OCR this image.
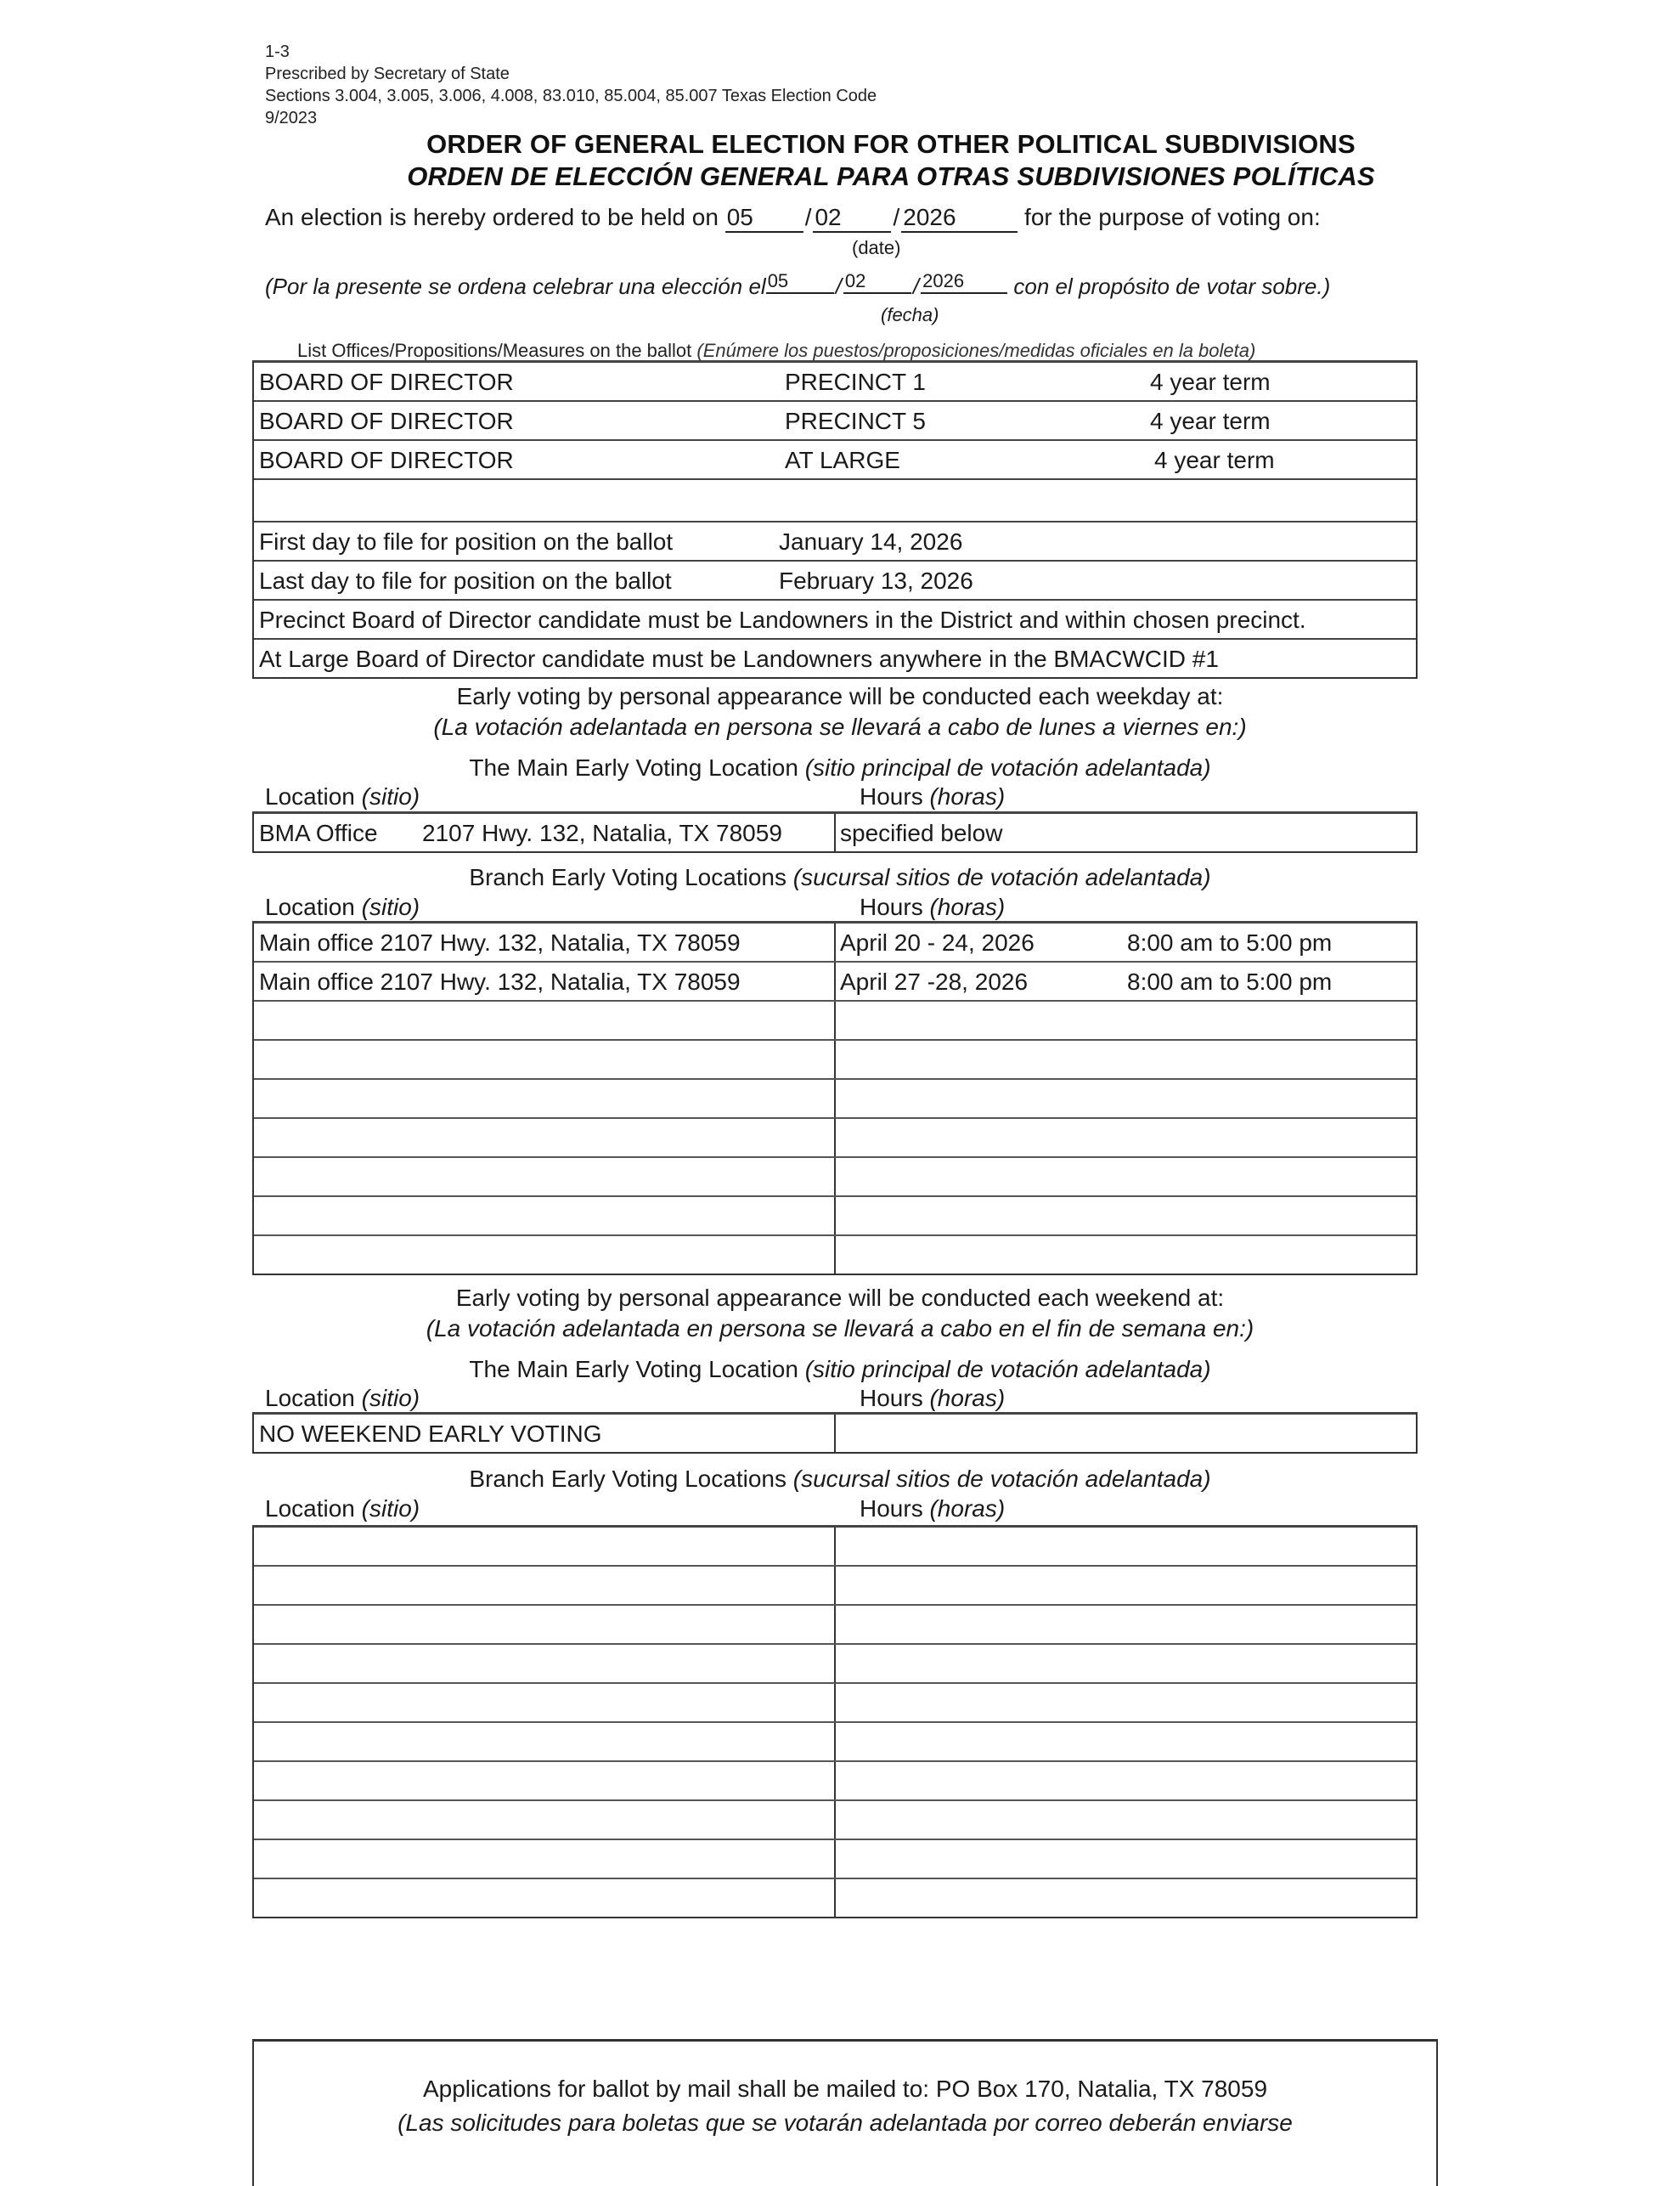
1-3
Prescribed by Secretary of State
Sections 3.004, 3.005, 3.006, 4.008, 83.010, 85.004, 85.007 Texas Election Code
9/2023
ORDER OF GENERAL ELECTION FOR OTHER POLITICAL SUBDIVISIONS
ORDEN DE ELECCIÓN GENERAL PARA OTRAS SUBDIVISIONES POLÍTICAS
An election is hereby ordered to be held on 05 / 02 / 2026	for the purpose of voting on:
(date)
(Por la presente se ordena celebrar una elección el05 / 02 / 2026 con el propósito de votar sobre.)
(fecha)
List Offices/Propositions/Measures on the ballot (Enúmere los puestos/proposiciones/medidas oficiales en la boleta)
BOARD OF DIRECTOR	PRECINCT 1	4 year term
BOARD OF DIRECTOR	PRECINCT 5	4 year term
BOARD OF DIRECTOR	AT LARGE	4 year term
First day to file for position on the ballot	January 14, 2026
Last day to file for position on the ballot	February 13, 2026
Precinct Board of Director candidate must be Landowners in the District and within chosen precinct.
At Large Board of Director candidate must be Landowners anywhere in the BMACWCID #1
Early voting by personal appearance will be conducted each weekday at:
(La votación adelantada en persona se llevará a cabo de lunes a viernes en:)
The Main Early Voting Location (sitio principal de votación adelantada)
Location (sitio)	Hours (horas)
BMA Office 2107 Hwy. 132, Natalia, TX 78059 specified below
Branch Early Voting Locations (sucursal sitios de votación adelantada)
Location (sitio)	Hours (horas)
Main office 2107 Hwy. 132, Natalia, TX 78059	April 20 - 24, 2026	8:00 am to 5:00 pm
Main office 2107 Hwy. 132, Natalia, TX 78059	April 27 -28, 2026	8:00 am to 5:00 pm
Early voting by personal appearance will be conducted each weekend at:
(La votación adelantada en persona se llevará a cabo en el fin de semana en:)
The Main Early Voting Location (sitio principal de votación adelantada)
Location (sitio)	Hours (horas)
NO WEEKEND EARLY VOTING
Branch Early Voting Locations (sucursal sitios de votación adelantada)
Location (sitio)	Hours (horas)
Applications for ballot by mail shall be mailed to: PO Box 170, Natalia, TX 78059
(Las solicitudes para boletas que se votarán adelantada por correo deberán enviarse
